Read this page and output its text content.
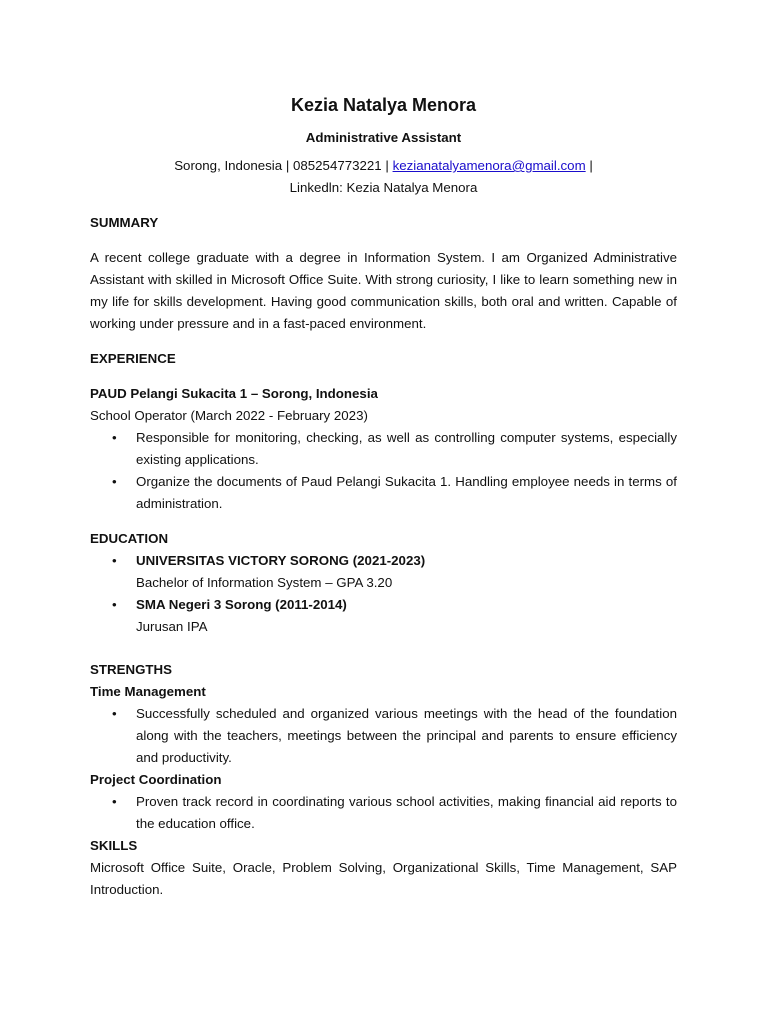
Kezia Natalya Menora
Administrative Assistant
Sorong, Indonesia | 085254773221 | kezianatalyamenora@gmail.com |
Linkedln: Kezia Natalya Menora
SUMMARY
A recent college graduate with a degree in Information System. I am Organized Administrative Assistant with skilled in Microsoft Office Suite. With strong curiosity, I like to learn something new in my life for skills development. Having good communication skills, both oral and written. Capable of working under pressure and in a fast-paced environment.
EXPERIENCE
PAUD Pelangi Sukacita 1 – Sorong, Indonesia
School Operator (March 2022 - February 2023)
• Responsible for monitoring, checking, as well as controlling computer systems, especially existing applications.
• Organize the documents of Paud Pelangi Sukacita 1. Handling employee needs in terms of administration.
EDUCATION
• UNIVERSITAS VICTORY SORONG (2021-2023)
Bachelor of Information System – GPA 3.20
• SMA Negeri 3 Sorong (2011-2014)
Jurusan IPA
STRENGTHS
Time Management
• Successfully scheduled and organized various meetings with the head of the foundation along with the teachers, meetings between the principal and parents to ensure efficiency and productivity.
Project Coordination
• Proven track record in coordinating various school activities, making financial aid reports to the education office.
SKILLS
Microsoft Office Suite, Oracle, Problem Solving, Organizational Skills, Time Management, SAP Introduction.
